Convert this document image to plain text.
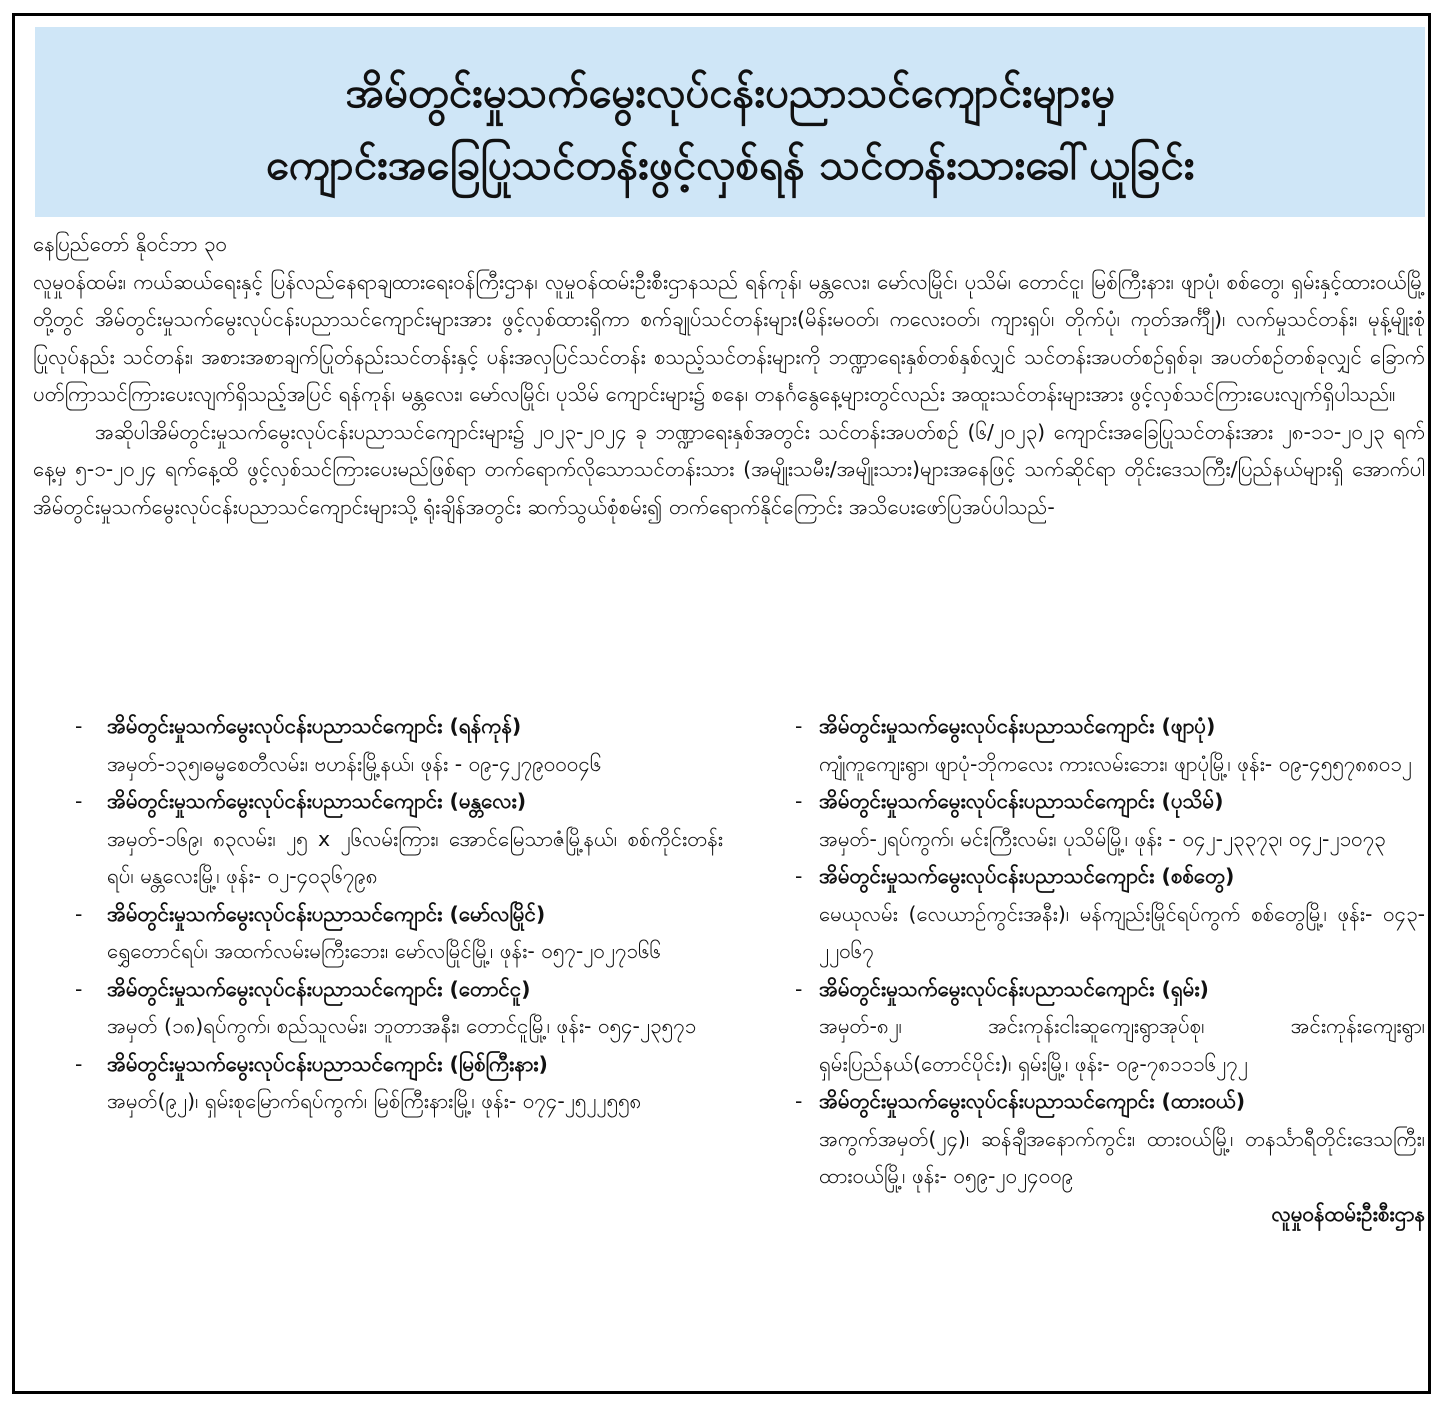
အိမ်တွင်းမှုသက်မွေးလုပ်ငန်းပညာသင်ကျောင်းများမှ
ကျောင်းအခြေပြုသင်တန်းဖွင့်လှစ်ရန် သင်တန်းသားခေါ်ယူခြင်း

နေပြည်တော် နိုဝင်ဘာ ၃၀

လူမှုဝန်ထမ်း၊ ကယ်ဆယ်ရေးနှင့် ပြန်လည်နေရာချထားရေးဝန်ကြီးဌာန၊ လူမှုဝန်ထမ်းဦးစီးဌာနသည် ရန်ကုန်၊ မန္တလေး၊ မော်လမြိုင်၊ ပုသိမ်၊ တောင်ငူ၊ မြစ်ကြီးနား၊ ဖျာပုံ၊ စစ်တွေ၊ ရှမ်းနှင့်ထားဝယ်မြို့တို့တွင် အိမ်တွင်းမှုသက်မွေးလုပ်ငန်းပညာသင်ကျောင်းများအား ဖွင့်လှစ်ထားရှိကာ စက်ချုပ်သင်တန်းများ(မိန်းမဝတ်၊ ကလေးဝတ်၊ ကျားရှပ်၊ တိုက်ပုံ၊ ကုတ်အင်္ကျီ)၊ လက်မှုသင်တန်း၊ မုန့်မျိုးစုံပြုလုပ်နည်း သင်တန်း၊ အစားအစာချက်ပြုတ်နည်းသင်တန်းနှင့် ပန်းအလှပြင်သင်တန်း စသည့်သင်တန်းများကို ဘဏ္ဍာရေးနှစ်တစ်နှစ်လျှင် သင်တန်းအပတ်စဉ်ရှစ်ခု၊ အပတ်စဉ်တစ်ခုလျှင် ခြောက်ပတ်ကြာသင်ကြားပေးလျက်ရှိသည့်အပြင် ရန်ကုန်၊ မန္တလေး၊ မော်လမြိုင်၊ ပုသိမ် ကျောင်းများ၌ စနေ၊ တနင်္ဂနွေနေ့များတွင်လည်း အထူးသင်တန်းများအား ဖွင့်လှစ်သင်ကြားပေးလျက်ရှိပါသည်။

အဆိုပါအိမ်တွင်းမှုသက်မွေးလုပ်ငန်းပညာသင်ကျောင်းများ၌ ၂၀၂၃-၂၀၂၄ ခု ဘဏ္ဍာရေးနှစ်အတွင်း သင်တန်းအပတ်စဉ် (၆/၂၀၂၃) ကျောင်းအခြေပြုသင်တန်းအား ၂၈-၁၁-၂၀၂၃ ရက်နေ့မှ ၅-၁-၂၀၂၄ ရက်နေ့ထိ ဖွင့်လှစ်သင်ကြားပေးမည်ဖြစ်ရာ တက်ရောက်လိုသောသင်တန်းသား (အမျိုးသမီး/အမျိုးသား)များအနေဖြင့် သက်ဆိုင်ရာ တိုင်းဒေသကြီး/ပြည်နယ်များရှိ အောက်ပါ အိမ်တွင်းမှုသက်မွေးလုပ်ငန်းပညာသင်ကျောင်းများသို့ ရုံးချိန်အတွင်း ဆက်သွယ်စုံစမ်း၍ တက်ရောက်နိုင်ကြောင်း အသိပေးဖော်ပြအပ်ပါသည်-

- အိမ်တွင်းမှုသက်မွေးလုပ်ငန်းပညာသင်ကျောင်း (ရန်ကုန်)
အမှတ်-၁၃၅၊ဓမ္မစေတီလမ်း၊ ဗဟန်းမြို့နယ်၊ ဖုန်း - ၀၉-၄၂၇၉၀၀၀၄၆
- အိမ်တွင်းမှုသက်မွေးလုပ်ငန်းပညာသင်ကျောင်း (မန္တလေး)
အမှတ်-၁၆၉၊ ၈၃လမ်း၊ ၂၅ x ၂၆လမ်းကြား၊ အောင်မြေသာဇံမြို့နယ်၊ စစ်ကိုင်းတန်းရပ်၊ မန္တလေးမြို့၊ ဖုန်း- ၀၂-၄၀၃၆၇၉၈
- အိမ်တွင်းမှုသက်မွေးလုပ်ငန်းပညာသင်ကျောင်း (မော်လမြိုင်)
ရွှေတောင်ရပ်၊ အထက်လမ်းမကြီးဘေး၊ မော်လမြိုင်မြို့၊ ဖုန်း- ၀၅၇-၂၀၂၇၁၆၆
- အိမ်တွင်းမှုသက်မွေးလုပ်ငန်းပညာသင်ကျောင်း (တောင်ငူ)
အမှတ် (၁၈)ရပ်ကွက်၊ စည်သူလမ်း၊ ဘူတာအနီး၊ တောင်ငူမြို့၊ ဖုန်း- ၀၅၄-၂၃၅၇၁
- အိမ်တွင်းမှုသက်မွေးလုပ်ငန်းပညာသင်ကျောင်း (မြစ်ကြီးနား)
အမှတ်(၉၂)၊ ရှမ်းစုမြောက်ရပ်ကွက်၊ မြစ်ကြီးနားမြို့၊ ဖုန်း- ၀၇၄-၂၅၂၂၅၅၈
- အိမ်တွင်းမှုသက်မွေးလုပ်ငန်းပညာသင်ကျောင်း (ဖျာပုံ)
ကျုံကူကျေးရွာ၊ ဖျာပုံ-ဘိုကလေး ကားလမ်းဘေး၊ ဖျာပုံမြို့၊ ဖုန်း- ၀၉-၄၅၅၇၈၈၀၁၂
- အိမ်တွင်းမှုသက်မွေးလုပ်ငန်းပညာသင်ကျောင်း (ပုသိမ်)
အမှတ်-၂ရပ်ကွက်၊ မင်းကြီးလမ်း၊ ပုသိမ်မြို့၊ ဖုန်း - ၀၄၂-၂၃၃၇၃၊ ၀၄၂-၂၁၀၇၃
- အိမ်တွင်းမှုသက်မွေးလုပ်ငန်းပညာသင်ကျောင်း (စစ်တွေ)
မေယုလမ်း (လေယာဉ်ကွင်းအနီး)၊ မန်ကျည်းမြိုင်ရပ်ကွက် စစ်တွေမြို့၊ ဖုန်း- ၀၄၃- ၂၂၀၆၇
- အိမ်တွင်းမှုသက်မွေးလုပ်ငန်းပညာသင်ကျောင်း (ရှမ်း)
အမှတ်-၈၂၊ အင်းကုန်းငါးဆူကျေးရွာအုပ်စု၊ အင်းကုန်းကျေးရွာ၊ ရှမ်းပြည်နယ်(တောင်ပိုင်း)၊ ရှမ်းမြို့၊ ဖုန်း- ၀၉-၇၈၁၁၁၆၂၇၂
- အိမ်တွင်းမှုသက်မွေးလုပ်ငန်းပညာသင်ကျောင်း (ထားဝယ်)
အကွက်အမှတ်(၂၄)၊ ဆန်ချီအနောက်ကွင်း၊ ထားဝယ်မြို့၊ တနင်္သာရီတိုင်းဒေသကြီး၊ ထားဝယ်မြို့၊ ဖုန်း- ၀၅၉-၂၀၂၄၀၀၉
လူမှုဝန်ထမ်းဦးစီးဌာန
